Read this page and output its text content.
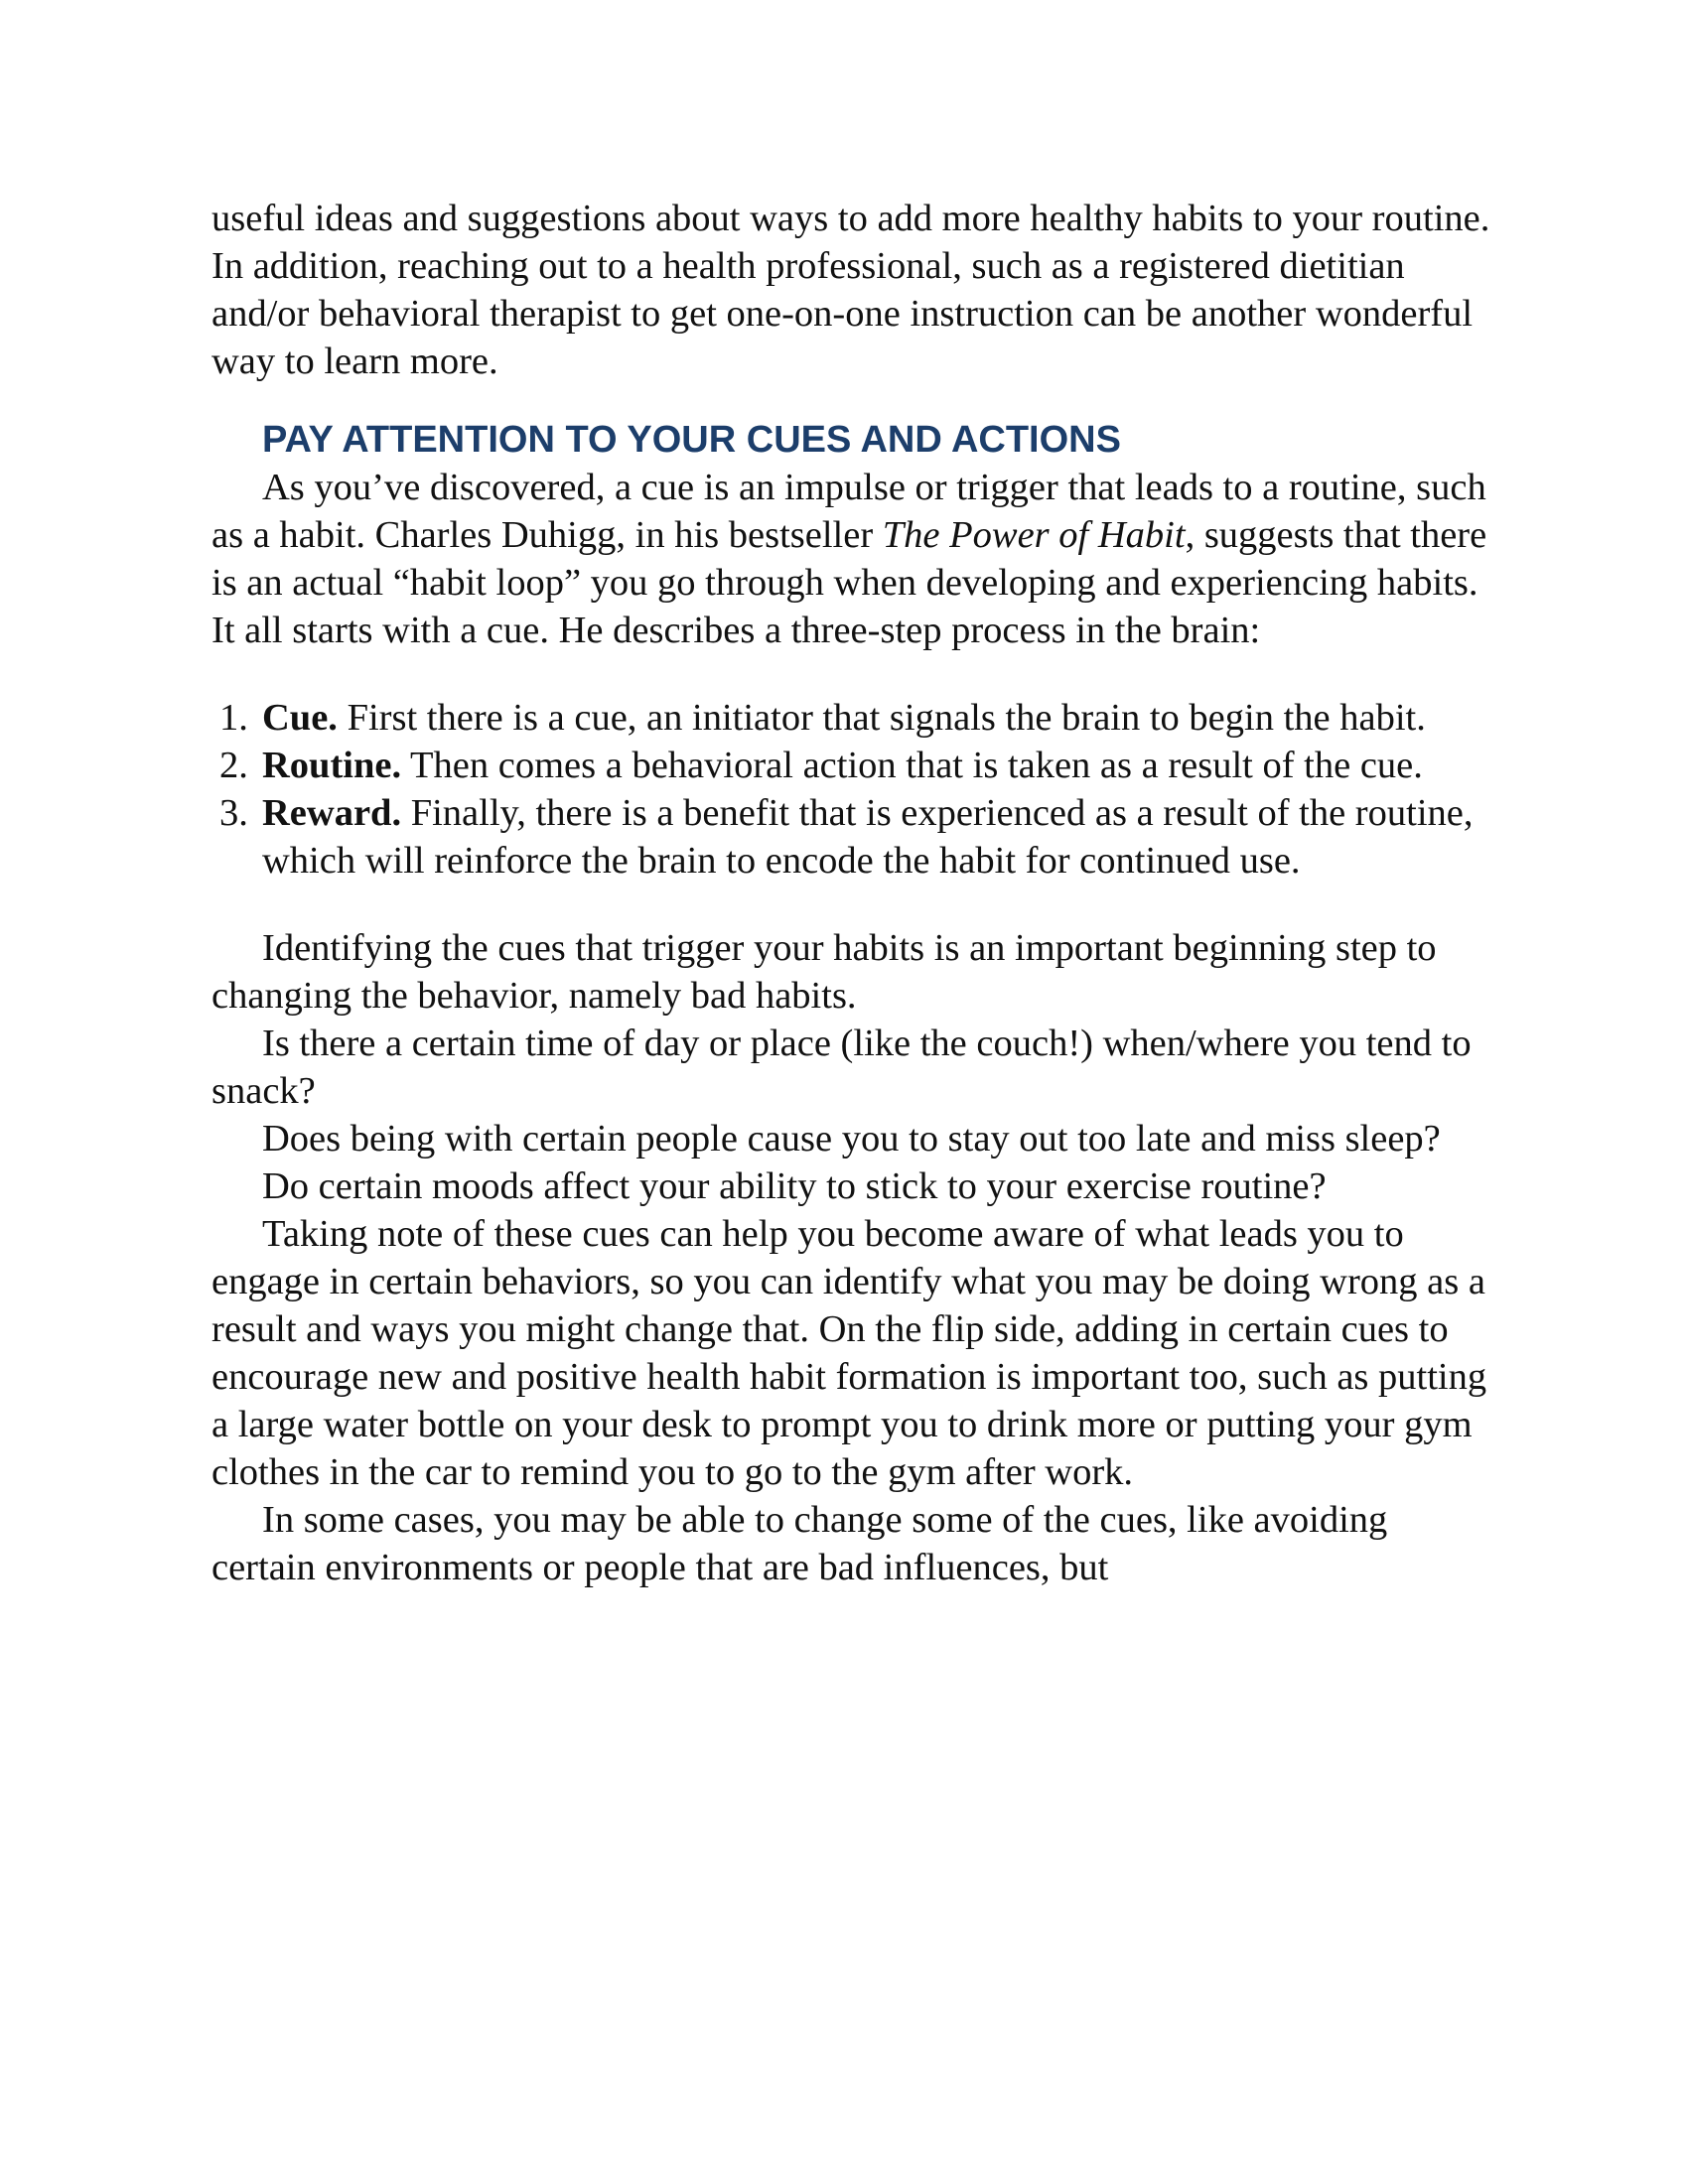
useful ideas and suggestions about ways to add more healthy habits to your routine. In addition, reaching out to a health professional, such as a registered dietitian and/or behavioral therapist to get one-on-one instruction can be another wonderful way to learn more.

PAY ATTENTION TO YOUR CUES AND ACTIONS

As you’ve discovered, a cue is an impulse or trigger that leads to a routine, such as a habit. Charles Duhigg, in his bestseller The Power of Habit, suggests that there is an actual “habit loop” you go through when developing and experiencing habits. It all starts with a cue. He describes a three-step process in the brain:

1. Cue. First there is a cue, an initiator that signals the brain to begin the habit.
2. Routine. Then comes a behavioral action that is taken as a result of the cue.
3. Reward. Finally, there is a benefit that is experienced as a result of the routine, which will reinforce the brain to encode the habit for continued use.

Identifying the cues that trigger your habits is an important beginning step to changing the behavior, namely bad habits.

Is there a certain time of day or place (like the couch!) when/where you tend to snack?

Does being with certain people cause you to stay out too late and miss sleep?

Do certain moods affect your ability to stick to your exercise routine?

Taking note of these cues can help you become aware of what leads you to engage in certain behaviors, so you can identify what you may be doing wrong as a result and ways you might change that. On the flip side, adding in certain cues to encourage new and positive health habit formation is important too, such as putting a large water bottle on your desk to prompt you to drink more or putting your gym clothes in the car to remind you to go to the gym after work.

In some cases, you may be able to change some of the cues, like avoiding certain environments or people that are bad influences, but
